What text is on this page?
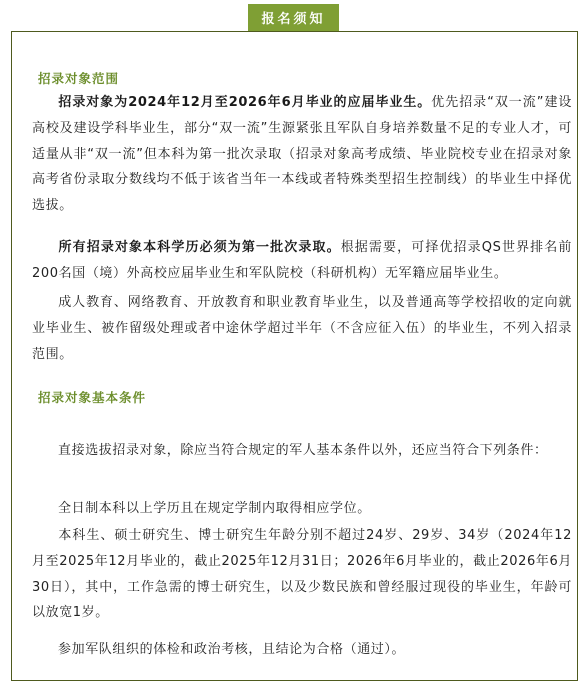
报名须知
招录对象范围
招录对象为2024年12月至2026年6月毕业的应届毕业生。优先招录“双一流”建设高校及建设学科毕业生，部分“双一流”生源紧张且军队自身培养数量不足的专业人才，可适量从非“双一流”但本科为第一批次录取（招录对象高考成绩、毕业院校专业在招录对象高考省份录取分数线均不低于该省当年一本线或者特殊类型招生控制线）的毕业生中择优选拔。
所有招录对象本科学历必须为第一批次录取。根据需要，可择优招录QS世界排名前200名国（境）外高校应届毕业生和军队院校（科研机构）无军籍应届毕业生。
成人教育、网络教育、开放教育和职业教育毕业生，以及普通高等学校招收的定向就业毕业生、被作留级处理或者中途休学超过半年（不含应征入伍）的毕业生，不列入招录范围。
招录对象基本条件
直接选拔招录对象，除应当符合规定的军人基本条件以外，还应当符合下列条件：
全日制本科以上学历且在规定学制内取得相应学位。
本科生、硕士研究生、博士研究生年龄分别不超过24岁、29岁、34岁（2024年12月至2025年12月毕业的，截止2025年12月31日；2026年6月毕业的，截止2026年6月30日），其中，工作急需的博士研究生，以及少数民族和曾经服过现役的毕业生，年龄可以放宽1岁。
参加军队组织的体检和政治考核，且结论为合格（通过）。
